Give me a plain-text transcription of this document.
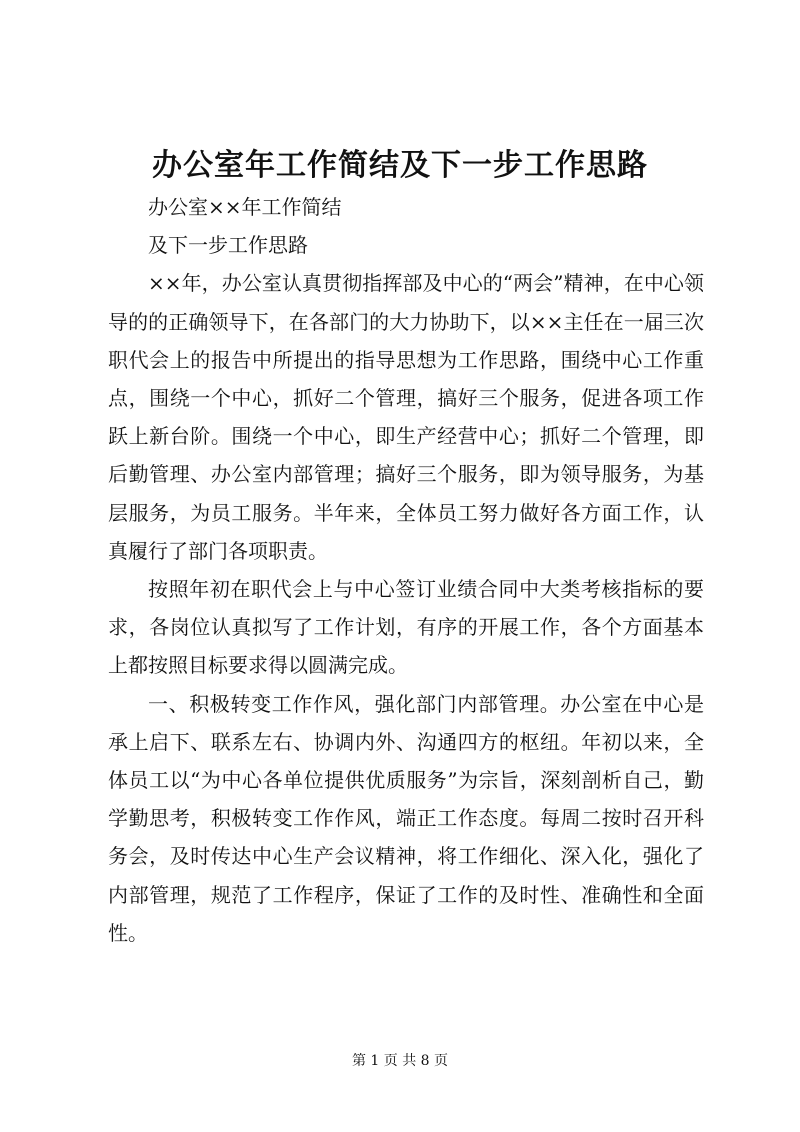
办公室年工作简结及下一步工作思路

办公室××年工作简结

及下一步工作思路

××年，办公室认真贯彻指挥部及中心的“两会”精神，在中心领导的的正确领导下，在各部门的大力协助下，以××主任在一届三次职代会上的报告中所提出的指导思想为工作思路，围绕中心工作重点，围绕一个中心，抓好二个管理，搞好三个服务，促进各项工作跃上新台阶。围绕一个中心，即生产经营中心；抓好二个管理，即后勤管理、办公室内部管理；搞好三个服务，即为领导服务，为基层服务，为员工服务。半年来，全体员工努力做好各方面工作，认真履行了部门各项职责。

按照年初在职代会上与中心签订业绩合同中大类考核指标的要求，各岗位认真拟写了工作计划，有序的开展工作，各个方面基本上都按照目标要求得以圆满完成。

一、积极转变工作作风，强化部门内部管理。办公室在中心是承上启下、联系左右、协调内外、沟通四方的枢纽。年初以来，全体员工以“为中心各单位提供优质服务”为宗旨，深刻剖析自己，勤学勤思考，积极转变工作作风，端正工作态度。每周二按时召开科务会，及时传达中心生产会议精神，将工作细化、深入化，强化了内部管理，规范了工作程序，保证了工作的及时性、准确性和全面性。

第 1 页 共 8 页
